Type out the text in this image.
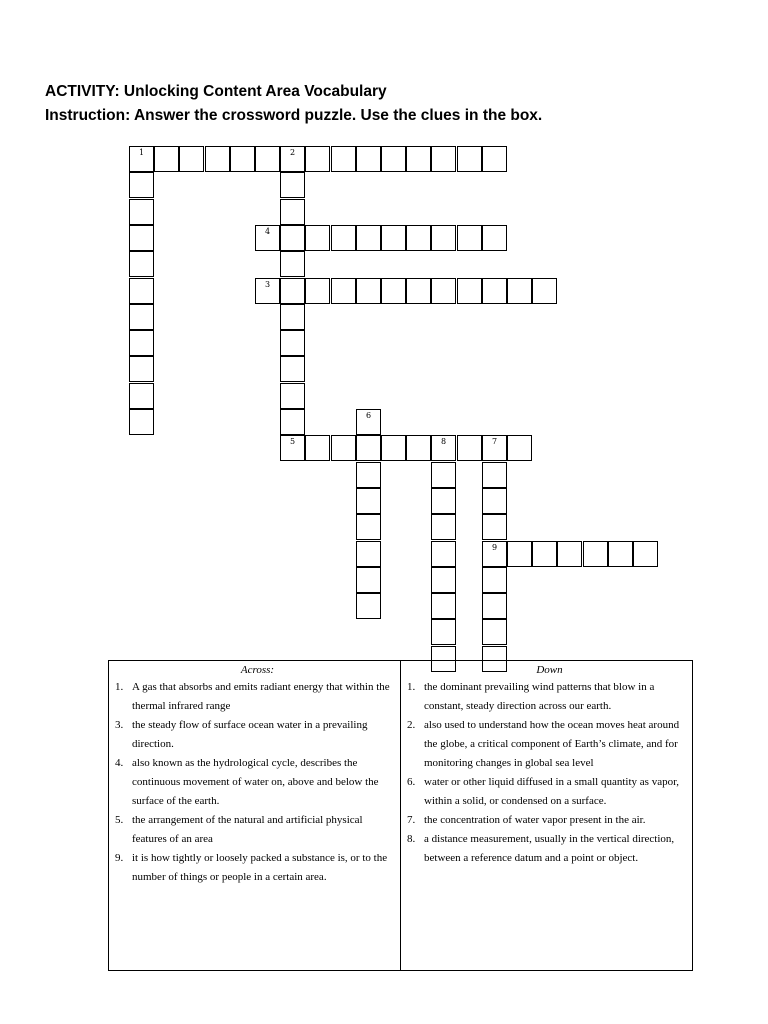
ACTIVITY: Unlocking Content Area Vocabulary
Instruction: Answer the crossword puzzle. Use the clues in the box.
1	2
5
4
3
6
8	7
9
Across:
1. A gas that absorbs and emits radiant energy that within the thermal infrared range
3. the steady flow of surface ocean water in a prevailing direction.
4. also known as the hydrological cycle, describes the continuous movement of water on, above and below the surface of the earth.
5. the arrangement of the natural and artificial physical features of an area
9. it is how tightly or loosely packed a substance is, or to the number of things or people in a certain area.
Down
1. the dominant prevailing wind patterns that blow in a constant, steady direction across our earth.
2. also used to understand how the ocean moves heat around the globe, a critical component of Earth’s climate, and for monitoring changes in global sea level
6. water or other liquid diffused in a small quantity as vapor, within a solid, or condensed on a surface.
7. the concentration of water vapor present in the air.
8. a distance measurement, usually in the vertical direction, between a reference datum and a point or object.
